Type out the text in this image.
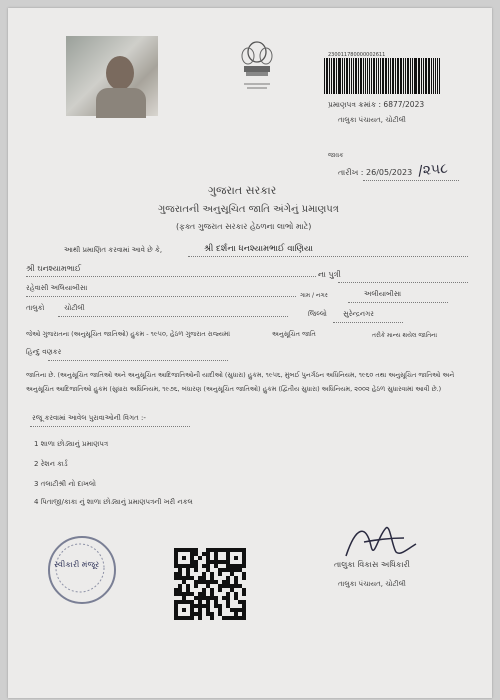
230011780000002611
પ્રમાણપત્ર ક્રમાંક : 6877/2023
તાલુકા પંચાયત, ચોટીલી
જાવક
તારીખ : 26/05/2023 /૨૫૮
ગુજરાત સરકાર
ગુજરાતની અનુસૂચિત જાતિ અંગેનું પ્રમાણપત્ર
(ફક્ત ગુજરાત સરકાર હેઠળના લાભો માટે)
આથી પ્રમાણિત કરવામાં આવે છે કે,	શ્રી દર્શના ધનશ્યામભાઈ વાણિયા
શ્રી ઘનશ્યામભાઈ
ના પુત્રી
રહેવાસી અલિયાબીસા
ગામ / નગર	અલીયાબીસા
તાલુકો	ચોટીલી
જિલ્લો સુરેન્દ્રનગર
જેઓ ગુજરાતના (અનુસૂચિત જાતિઓ) હુકમ - ૧૯૫૦, હેઠળ ગુજરાત રાજ્યમાં	અનુસૂચિત જાતિ	તરીકે માન્ય થયેલ જાતિના
હિન્દુ વણકર
જાતિના છે. (અનુસૂચિત જાતિઓ અને અનુસૂચિત આદિજાતિઓની યાદીઓ (સુધારા) હુકમ, ૧૯૫૬, મુંબઈ પુનર્ગઠન અધિનિયમ, ૧૯૬૦ તથા અનુસૂચિત જાતિઓ અને અનુસૂચિત આદિજાતિઓ હુકમ (સુધારા અધિનિયમ, ૧૯૭૬, બંધારણ (અનુસૂચિત જાતિઓ) હુકમ (દ્વિતીય સુધારા) અધિનિયમ, ૨૦૦૨ હેઠળ સુધારવામાં આવી છે.)
રજૂ કરવામાં આવેલ પુરાવાઓની વિગત :-
1 શાળા છોડ્યાનું પ્રમાણપત્ર
2 રેશન કાર્ડ
3 તલાટીશ્રી નો દાખલો
4 પિતાજી/કાકા નું શાળા છોડ્યાનું પ્રમાણપત્રની ખરી નકલ
સ્વીકારી મંજૂર	તાલુકા વિકાસ અધિકારી
તાલુકા પંચાયત, ચોટીલી
